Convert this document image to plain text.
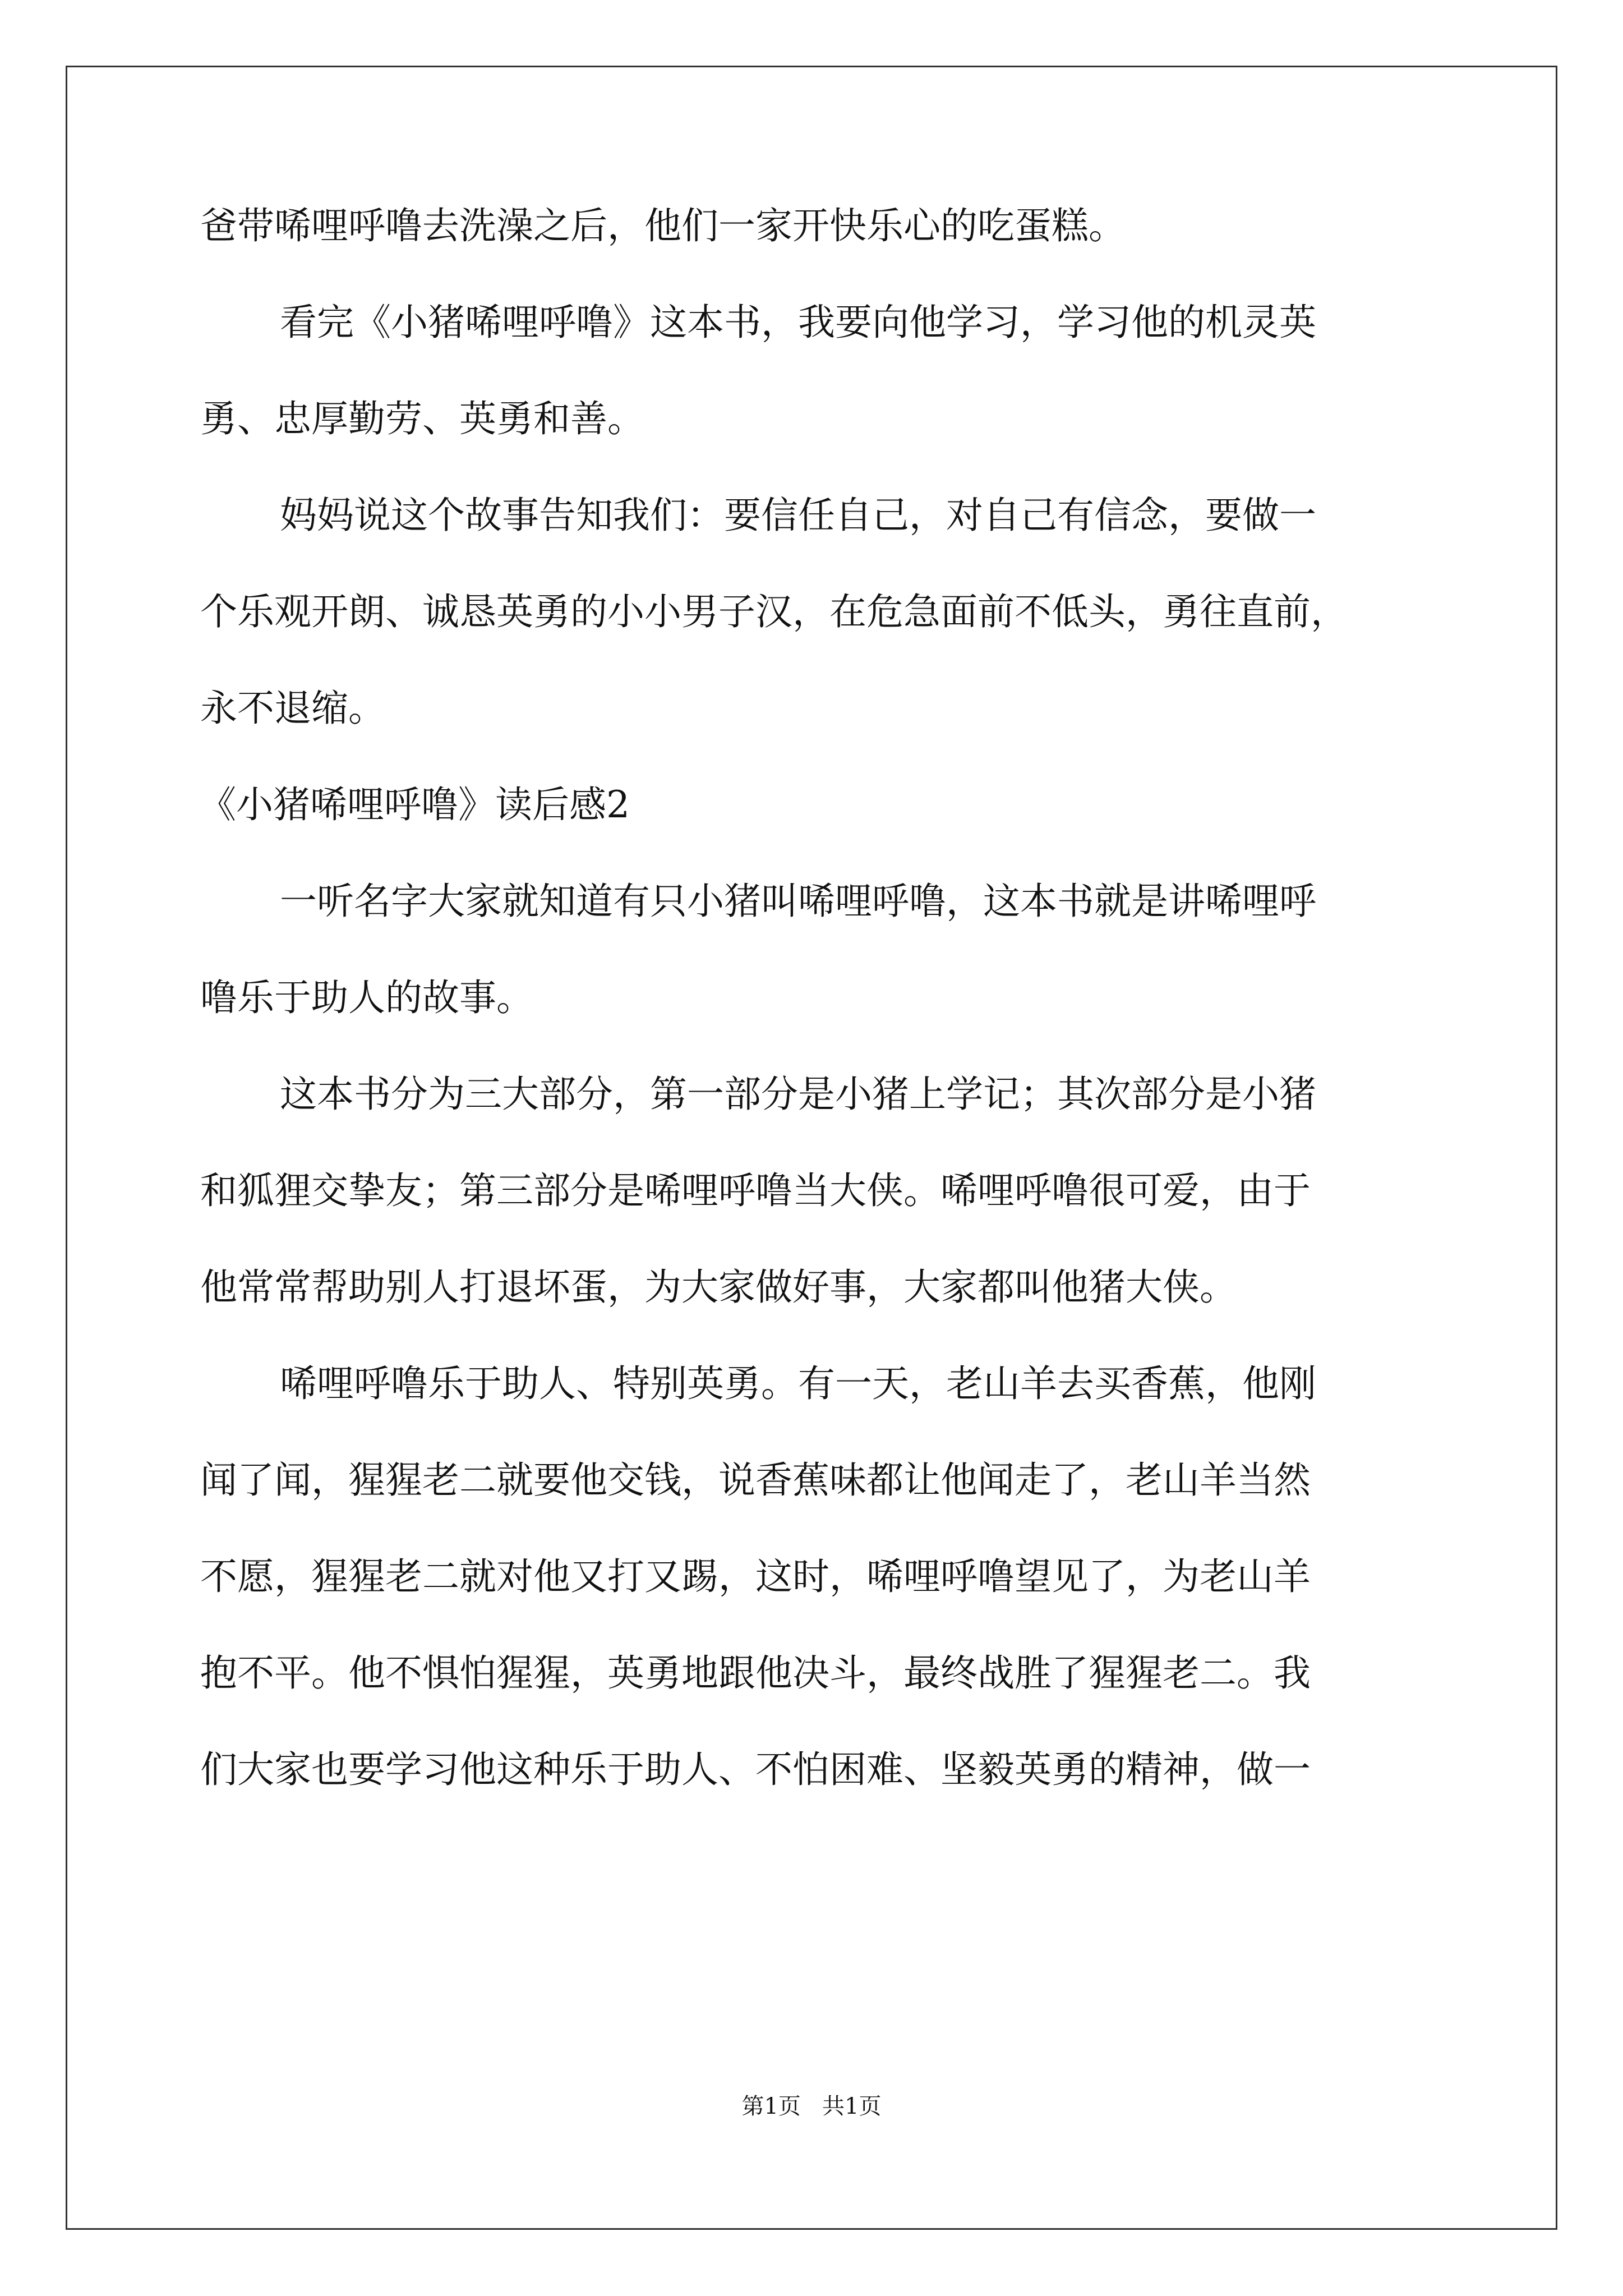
爸带唏哩呼噜去洗澡之后，他们一家开快乐心的吃蛋糕。
看完《小猪唏哩呼噜》这本书，我要向他学习，学习他的机灵英
勇、忠厚勤劳、英勇和善。
妈妈说这个故事告知我们：要信任自己，对自己有信念，要做一
个乐观开朗、诚恳英勇的小小男子汉，在危急面前不低头，勇往直前，
永不退缩。
《小猪唏哩呼噜》读后感2
一听名字大家就知道有只小猪叫唏哩呼噜，这本书就是讲唏哩呼
噜乐于助人的故事。
这本书分为三大部分，第一部分是小猪上学记；其次部分是小猪
和狐狸交挚友；第三部分是唏哩呼噜当大侠。唏哩呼噜很可爱，由于
他常常帮助别人打退坏蛋，为大家做好事，大家都叫他猪大侠。
唏哩呼噜乐于助人、特别英勇。有一天，老山羊去买香蕉，他刚
闻了闻，猩猩老二就要他交钱，说香蕉味都让他闻走了，老山羊当然
不愿，猩猩老二就对他又打又踢，这时，唏哩呼噜望见了，为老山羊
抱不平。他不惧怕猩猩，英勇地跟他决斗，最终战胜了猩猩老二。我
们大家也要学习他这种乐于助人、不怕困难、坚毅英勇的精神，做一
第1页   共1页
